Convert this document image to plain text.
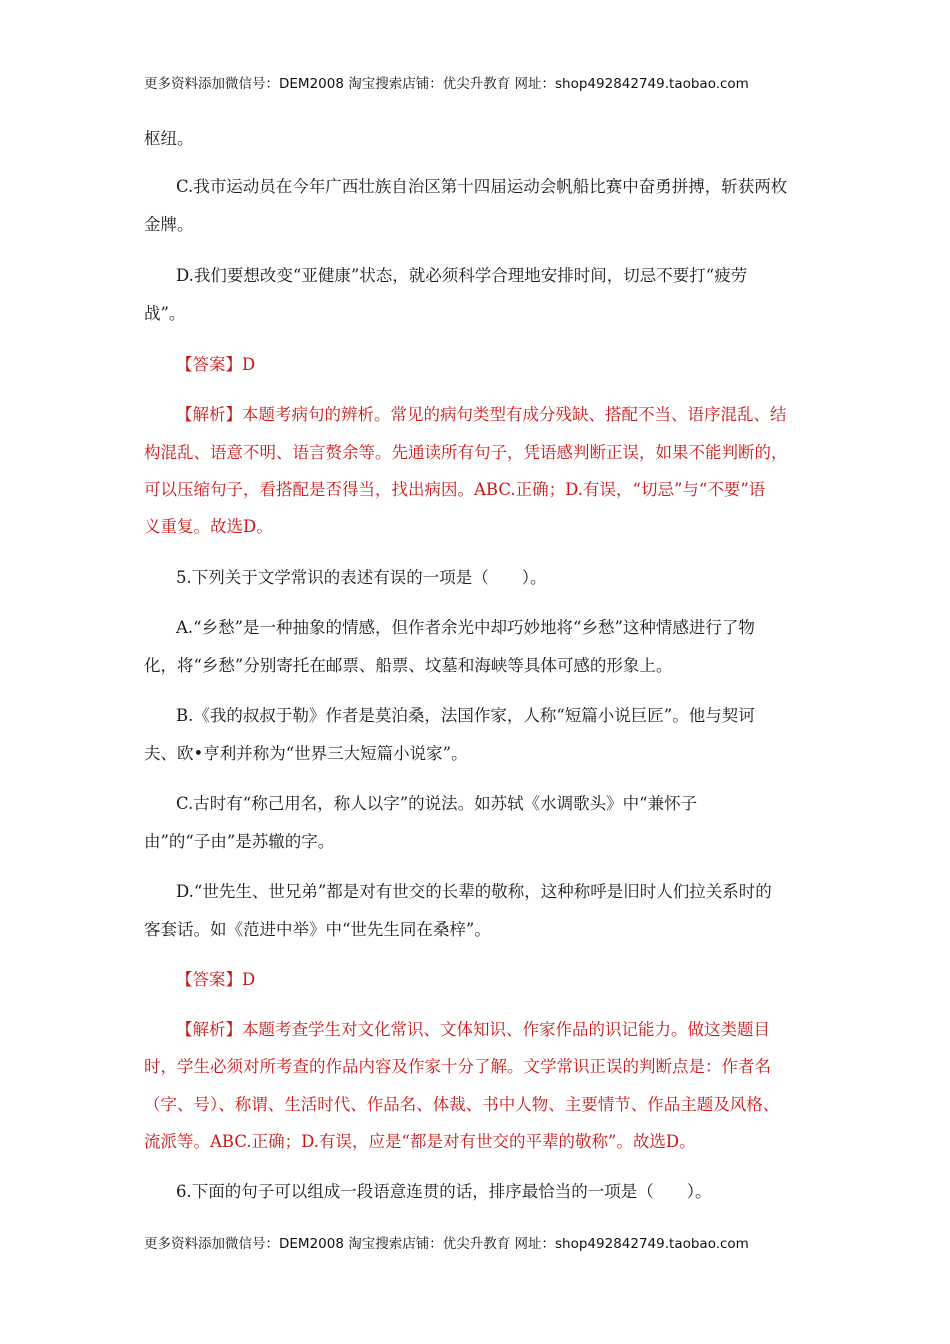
更多资料添加微信号：DEM2008 淘宝搜索店铺：优尖升教育 网址：shop492842749.taobao.com
枢纽。
C.我市运动员在今年广西壮族自治区第十四届运动会帆船比赛中奋勇拼搏，斩获两枚
金牌。
D.我们要想改变“亚健康”状态，就必须科学合理地安排时间，切忌不要打“疲劳
战”。
【答案】D
【解析】本题考病句的辨析。常见的病句类型有成分残缺、搭配不当、语序混乱、结
构混乱、语意不明、语言赘余等。先通读所有句子，凭语感判断正误，如果不能判断的，
可以压缩句子，看搭配是否得当，找出病因。ABC.正确；D.有误，“切忌”与“不要”语
义重复。故选D。
5.下列关于文学常识的表述有误的一项是（　　）。
A.“乡愁”是一种抽象的情感，但作者余光中却巧妙地将“乡愁”这种情感进行了物
化，将“乡愁”分别寄托在邮票、船票、坟墓和海峡等具体可感的形象上。
B.《我的叔叔于勒》作者是莫泊桑，法国作家，人称“短篇小说巨匠”。他与契诃
夫、欧•亨利并称为“世界三大短篇小说家”。
C.古时有“称己用名，称人以字”的说法。如苏轼《水调歌头》中“兼怀子
由”的“子由”是苏辙的字。
D.“世先生、世兄弟”都是对有世交的长辈的敬称，这种称呼是旧时人们拉关系时的
客套话。如《范进中举》中“世先生同在桑梓”。
【答案】D
【解析】本题考查学生对文化常识、文体知识、作家作品的识记能力。做这类题目
时，学生必须对所考查的作品内容及作家十分了解。文学常识正误的判断点是：作者名
（字、号）、称谓、生活时代、作品名、体裁、书中人物、主要情节、作品主题及风格、
流派等。ABC.正确；D.有误，应是“都是对有世交的平辈的敬称”。故选D。
6.下面的句子可以组成一段语意连贯的话，排序最恰当的一项是（　　）。
更多资料添加微信号：DEM2008 淘宝搜索店铺：优尖升教育 网址：shop492842749.taobao.com
